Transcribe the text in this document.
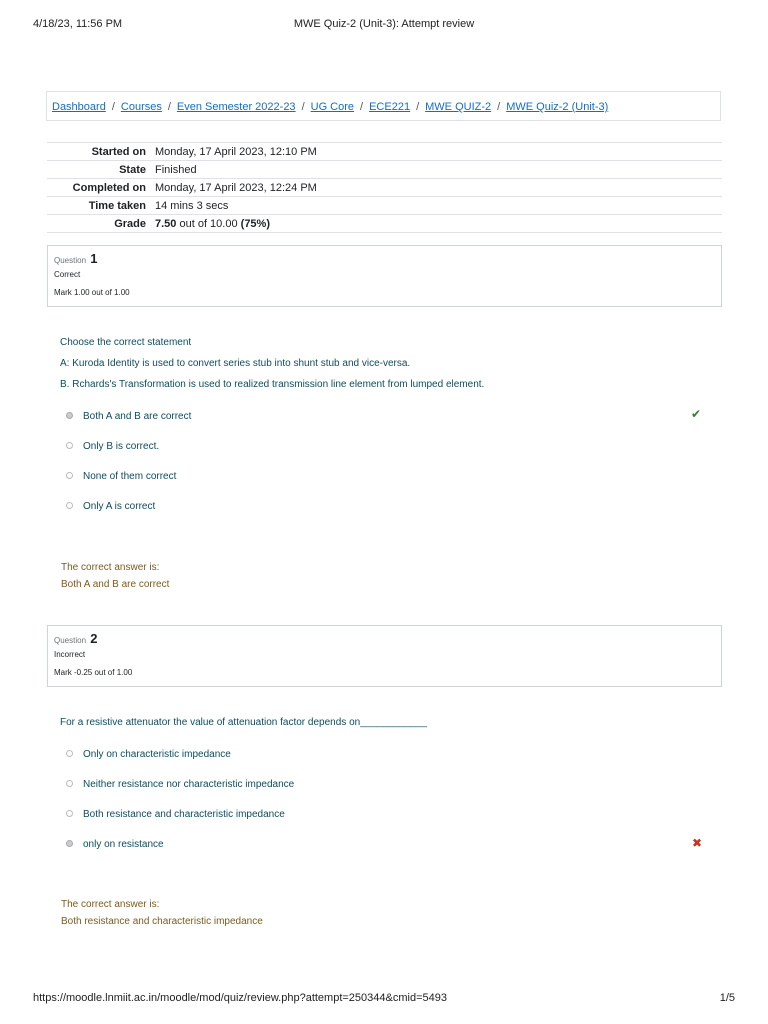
4/18/23, 11:56 PM	MWE Quiz-2 (Unit-3): Attempt review
Dashboard / Courses / Even Semester 2022-23 / UG Core / ECE221 / MWE QUIZ-2 / MWE Quiz-2 (Unit-3)
Started on	Monday, 17 April 2023, 12:10 PM
State	Finished
Completed on	Monday, 17 April 2023, 12:24 PM
Time taken	14 mins 3 secs
Grade	7.50 out of 10.00 (75%)
Question 1
Correct
Mark 1.00 out of 1.00
Choose the correct statement
A: Kuroda Identity is used to convert series stub into shunt stub and vice-versa.
B. Rchards's Transformation is used to realized transmission line element from lumped element.
Both A and B are correct	✔
Only B is correct.
None of them correct
Only A is correct
The correct answer is:
Both A and B are correct
Question 2
Incorrect
Mark -0.25 out of 1.00
For a resistive attenuator the value of attenuation factor depends on____________
Only on characteristic impedance
Neither resistance nor characteristic impedance
Both resistance and characteristic impedance
only on resistance	✖
The correct answer is:
Both resistance and characteristic impedance
https://moodle.lnmiit.ac.in/moodle/mod/quiz/review.php?attempt=250344&cmid=5493	1/5
